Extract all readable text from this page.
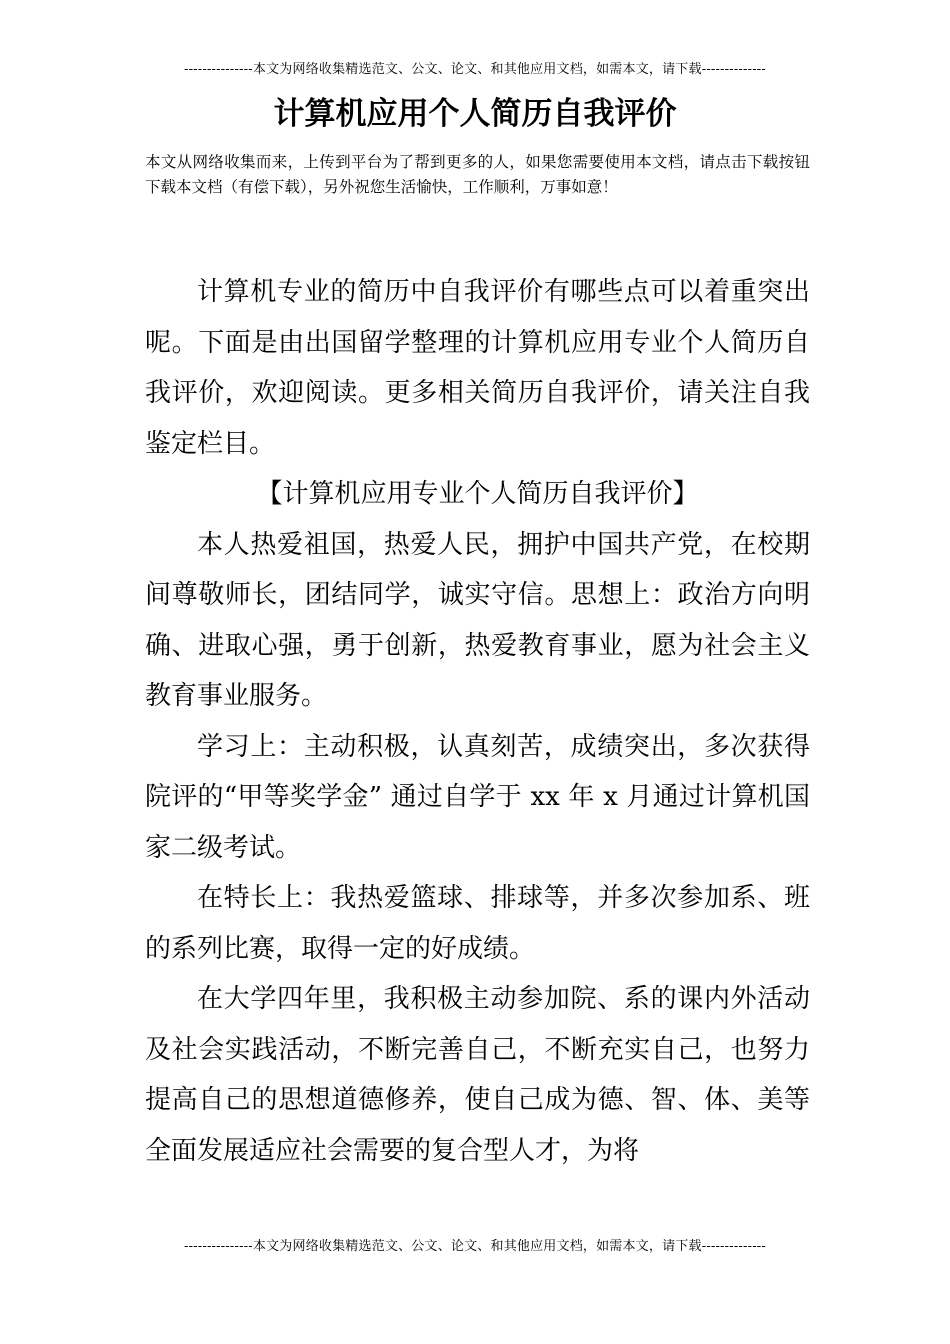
---------------本文为网络收集精选范文、公文、论文、和其他应用文档，如需本文，请下载--------------
计算机应用个人简历自我评价
本文从网络收集而来，上传到平台为了帮到更多的人，如果您需要使用本文档，请点击下载按钮下载本文档（有偿下载），另外祝您生活愉快，工作顺利，万事如意！

计算机专业的简历中自我评价有哪些点可以着重突出呢。下面是由出国留学整理的计算机应用专业个人简历自我评价，欢迎阅读。更多相关简历自我评价，请关注自我鉴定栏目。

【计算机应用专业个人简历自我评价】

本人热爱祖国，热爱人民，拥护中国共产党，在校期间尊敬师长，团结同学，诚实守信。思想上：政治方向明确、进取心强，勇于创新，热爱教育事业，愿为社会主义教育事业服务。

学习上：主动积极，认真刻苦，成绩突出，多次获得院评的“甲等奖学金” 通过自学于 xx 年 x 月通过计算机国家二级考试。

在特长上：我热爱篮球、排球等，并多次参加系、班的系列比赛，取得一定的好成绩。

在大学四年里，我积极主动参加院、系的课内外活动及社会实践活动，不断完善自己，不断充实自己，也努力提高自己的思想道德修养，使自己成为德、智、体、美等全面发展适应社会需要的复合型人才，为将

---------------本文为网络收集精选范文、公文、论文、和其他应用文档，如需本文，请下载--------------
